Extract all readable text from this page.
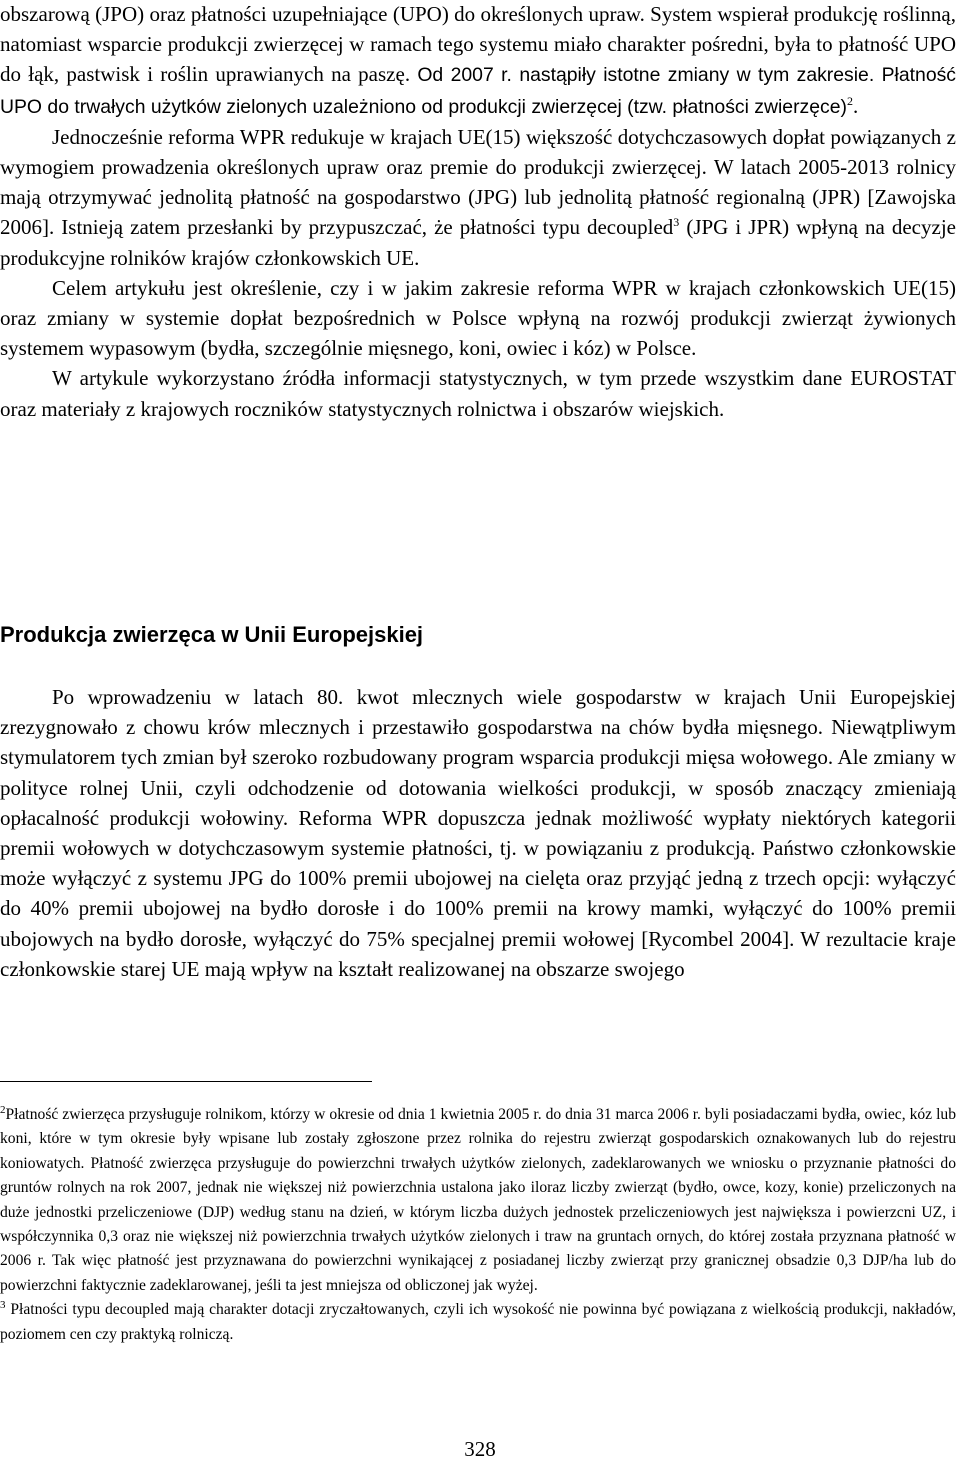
obszarową (JPO) oraz płatności uzupełniające (UPO) do określonych upraw. System wspierał produkcję roślinną, natomiast wsparcie produkcji zwierzęcej w ramach tego systemu miało charakter pośredni, była to płatność UPO do łąk, pastwisk i roślin uprawianych na paszę. Od 2007 r. nastąpiły istotne zmiany w tym zakresie. Płatność UPO do trwałych użytków zielonych uzależniono od produkcji zwierzęcej (tzw. płatności zwierzęce)$^2$.

Jednocześnie reforma WPR redukuje w krajach UE(15) większość dotychczasowych dopłat powiązanych z wymogiem prowadzenia określonych upraw oraz premie do produkcji zwierzęcej. W latach 2005-2013 rolnicy mają otrzymywać jednolitą płatność na gospodarstwo (JPG) lub jednolitą płatność regionalną (JPR) [Zawojska 2006]. Istnieją zatem przesłanki by przypuszczać, że płatności typu decoupled$^3$ (JPG i JPR) wpłyną na decyzje produkcyjne rolników krajów członkowskich UE.

Celem artykułu jest określenie, czy i w jakim zakresie reforma WPR w krajach członkowskich UE(15) oraz zmiany w systemie dopłat bezpośrednich w Polsce wpłyną na rozwój produkcji zwierząt żywionych systemem wypasowym (bydła, szczególnie mięsnego, koni, owiec i kóz) w Polsce.

W artykule wykorzystano źródła informacji statystycznych, w tym przede wszystkim dane EUROSTAT oraz materiały z krajowych roczników statystycznych rolnictwa i obszarów wiejskich.

Produkcja zwierzęca w Unii Europejskiej

Po wprowadzeniu w latach 80. kwot mlecznych wiele gospodarstw w krajach Unii Europejskiej zrezygnowało z chowu krów mlecznych i przestawiło gospodarstwa na chów bydła mięsnego. Niewątpliwym stymulatorem tych zmian był szeroko rozbudowany program wsparcia produkcji mięsa wołowego. Ale zmiany w polityce rolnej Unii, czyli odchodzenie od dotowania wielkości produkcji, w sposób znaczący zmieniają opłacalność produkcji wołowiny. Reforma WPR dopuszcza jednak możliwość wypłaty niektórych kategorii premii wołowych w dotychczasowym systemie płatności, tj. w powiązaniu z produkcją. Państwo członkowskie może wyłączyć z systemu JPG do 100% premii ubojowej na cielęta oraz przyjąć jedną z trzech opcji: wyłączyć do 40% premii ubojowej na bydło dorosłe i do 100% premii na krowy mamki, wyłączyć do 100% premii ubojowych na bydło dorosłe, wyłączyć do 75% specjalnej premii wołowej [Rycombel 2004]. W rezultacie kraje członkowskie starej UE mają wpływ na kształt realizowanej na obszarze swojego

$^2$Płatność zwierzęca przysługuje rolnikom, którzy w okresie od dnia 1 kwietnia 2005 r. do dnia 31 marca 2006 r. byli posiadaczami bydła, owiec, kóz lub koni, które w tym okresie były wpisane lub zostały zgłoszone przez rolnika do rejestru zwierząt gospodarskich oznakowanych lub do rejestru koniowatych. Płatność zwierzęca przysługuje do powierzchni trwałych użytków zielonych, zadeklarowanych we wniosku o przyznanie płatności do gruntów rolnych na rok 2007, jednak nie większej niż powierzchnia ustalona jako iloraz liczby zwierząt (bydło, owce, kozy, konie) przeliczonych na duże jednostki przeliczeniowe (DJP) według stanu na dzień, w którym liczba dużych jednostek przeliczeniowych jest największa i powierzcni UZ, i współczynnika 0,3 oraz nie większej niż powierzchnia trwałych użytków zielonych i traw na gruntach ornych, do której została przyznana płatność w 2006 r. Tak więc płatność jest przyznawana do powierzchni wynikającej z posiadanej liczby zwierząt przy granicznej obsadzie 0,3 DJP/ha lub do powierzchni faktycznie zadeklarowanej, jeśli ta jest mniejsza od obliczonej jak wyżej.

$^3$ Płatności typu decoupled mają charakter dotacji zryczałtowanych, czyli ich wysokość nie powinna być powiązana z wielkością produkcji, nakładów, poziomem cen czy praktyką rolniczą.

328
